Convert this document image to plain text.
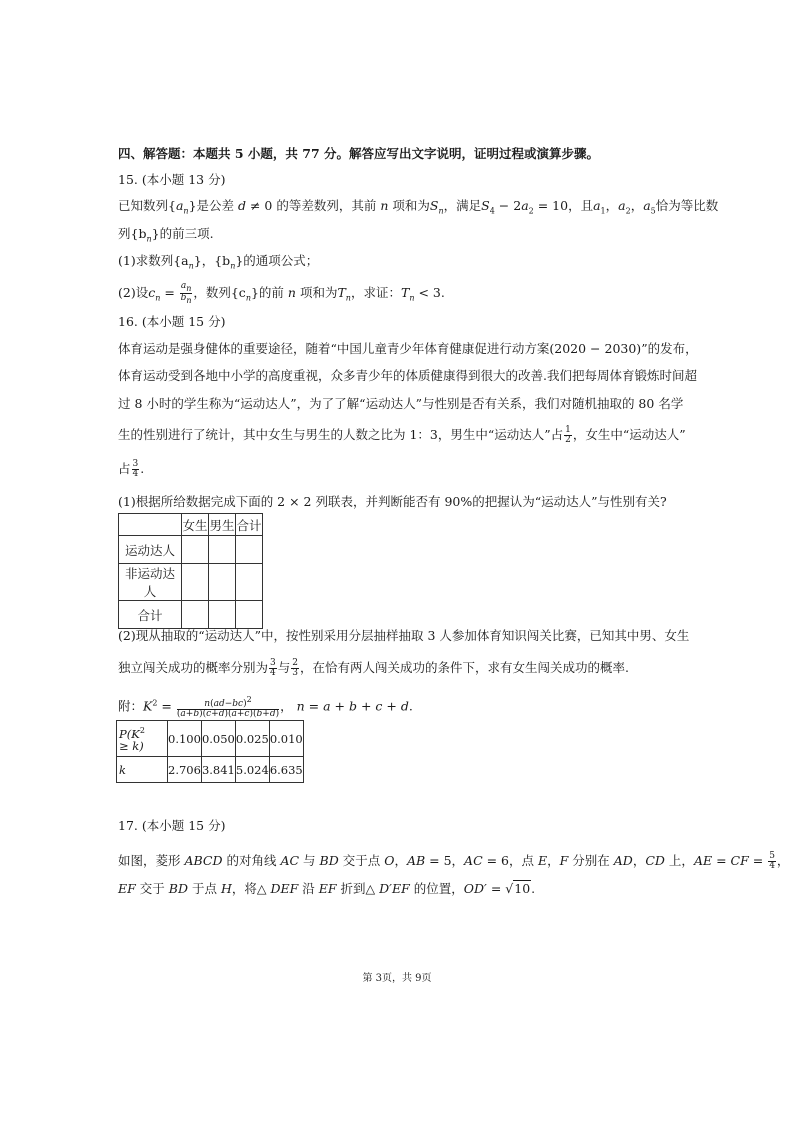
四、解答题：本题共 5 小题，共 77 分。解答应写出文字说明，证明过程或演算步骤。
15. (本小题 13 分)
已知数列$\{a_n\}$是公差 d ≠ 0 的等差数列，其前 n 项和为$S_n$，满足$S_4 - 2a_2 = 10$，且$a_1$，$a_2$，$a_5$恰为等比数
列$\{b_n\}$的前三项.
(1)求数列$\{a_n\}$，$\{b_n\}$的通项公式；
(2)设$c_n = \frac{a_n}{b_n}$ ，数列$\{c_n\}$的前 n 项和为$T_n$，求证：$T_n < 3$.
16. (本小题 15 分)
体育运动是强身健体的重要途径，随着“中国儿童青少年体育健康促进行动方案(2020 − 2030)”的发布，
体育运动受到各地中小学的高度重视，众多青少年的体质健康得到很大的改善.我们把每周体育锻炼时间超
过 8 小时的学生称为“运动达人”，为了了解“运动达人”与性别是否有关系，我们对随机抽取的 80 名学
生的性别进行了统计，其中女生与男生的人数之比为 1：3，男生中“运动达人”占 $\frac{1}{2}$ ，女生中“运动达人”
占 $\frac{3}{4}$ .
(1)根据所给数据完成下面的 2 × 2 列联表，并判断能否有 90%的把握认为“运动达人”与性别有关?
	女生	男生	合计
运动达人			
非运动达人			
合计			
(2)现从抽取的“运动达人”中，按性别采用分层抽样抽取 3 人参加体育知识闯关比赛，已知其中男、女生
独立闯关成功的概率分别为 $\frac{3}{4}$ 与 $\frac{2}{3}$ ，在恰有两人闯关成功的条件下，求有女生闯关成功的概率.
附：$K^2 = \frac{n(ad-bc)^2}{(a+b)(c+d)(a+c)(b+d)}$ ， n = a + b + c + d.
$P(K^2$
≥ k)	0.100	0.050	0.025	0.010
k	2.706	3.841	5.024	6.635
17. (本小题 15 分)
如图，菱形 ABCD 的对角线 AC 与 BD 交于点 O，AB = 5，AC = 6，点 E，F 分别在 AD，CD 上，AE = CF = $\frac{5}{4}$ ，
EF 交于 BD 于点 H，将△ DEF 沿 EF 折到△ D′EF 的位置，OD′ = √10.
第 3页，共 9页
